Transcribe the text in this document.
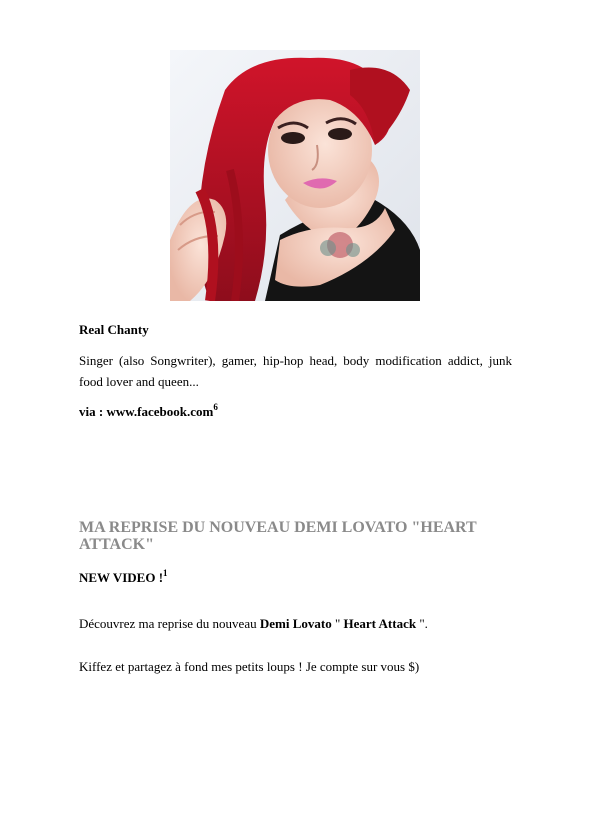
Real Chanty
Singer (also Songwriter), gamer, hip-hop head, body modification addict, junk food lover and queen...
via : www.facebook.com$^6$
MA REPRISE DU NOUVEAU DEMI LOVATO "HEART ATTACK"
NEW VIDEO !$^1$
Découvrez ma reprise du nouveau Demi Lovato " Heart Attack ".
Kiffez et partagez à fond mes petits loups ! Je compte sur vous $)
